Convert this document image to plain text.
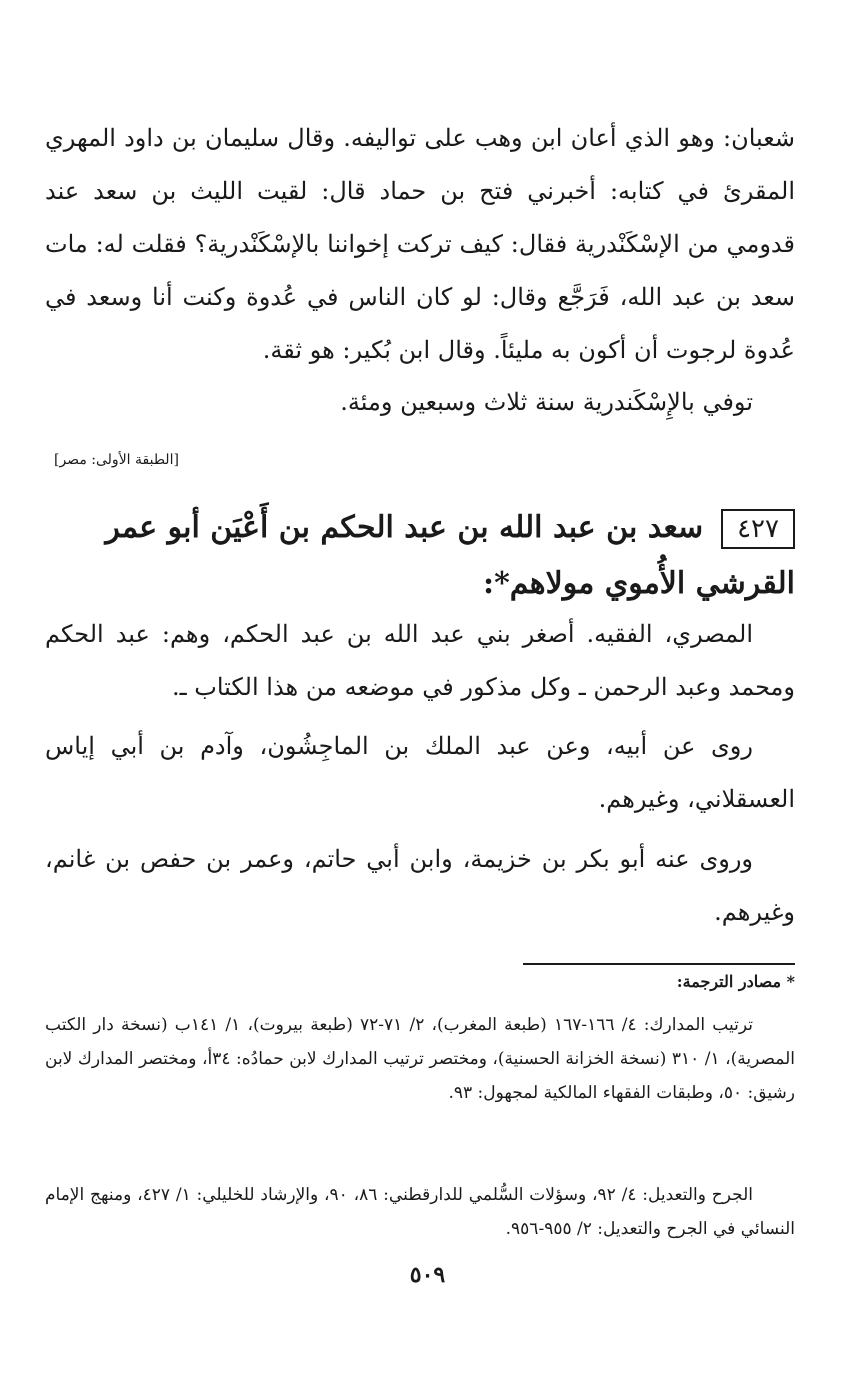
شعبان: وهو الذي أعان ابن وهب على تواليفه. وقال سليمان بن داود المهري المقرئ في كتابه: أخبرني فتح بن حماد قال: لقيت الليث بن سعد عند قدومي من الإسْكَنْدرية فقال: كيف تركت إخواننا بالإسْكَنْدرية؟ فقلت له: مات سعد بن عبد الله، فَرَجَّع وقال: لو كان الناس في عُدوة وكنت أنا وسعد في عُدوة لرجوت أن أكون به مليئاً. وقال ابن بُكير: هو ثقة.

توفي بالإِسْكَندرية سنة ثلاث وسبعين ومئة.

[الطبقة الأولى: مصر]
٤٢٧سعد بن عبد الله بن عبد الحكم بن أَعْيَن أبو عمر القرشي الأُموي مولاهم*:

المصري، الفقيه. أصغر بني عبد الله بن عبد الحكم، وهم: عبد الحكم ومحمد وعبد الرحمن ـ وكل مذكور في موضعه من هذا الكتاب ـ.

روى عن أبيه، وعن عبد الملك بن الماجِشُون، وآدم بن أبي إياس العسقلاني، وغيرهم.

وروى عنه أبو بكر بن خزيمة، وابن أبي حاتم، وعمر بن حفص بن غانم، وغيرهم.

* مصادر الترجمة:

ترتيب المدارك: ٤/ ١٦٦-١٦٧ (طبعة المغرب)، ٢/ ٧١-٧٢ (طبعة بيروت)، ١/ ١٤١ب (نسخة دار الكتب المصرية)، ١/ ٣١٠ (نسخة الخزانة الحسنية)، ومختصر ترتيب المدارك لابن حمادُه: ٣٤أ، ومختصر المدارك لابن رشيق: ٥٠، وطبقات الفقهاء المالكية لمجهول: ٩٣.

الجرح والتعديل: ٤/ ٩٢، وسؤلات السُّلمي للدارقطني: ٨٦، ٩٠، والإرشاد للخليلي: ١/ ٤٢٧، ومنهج الإمام النسائي في الجرح والتعديل: ٢/ ٩٥٥-٩٥٦.

٥٠٩
